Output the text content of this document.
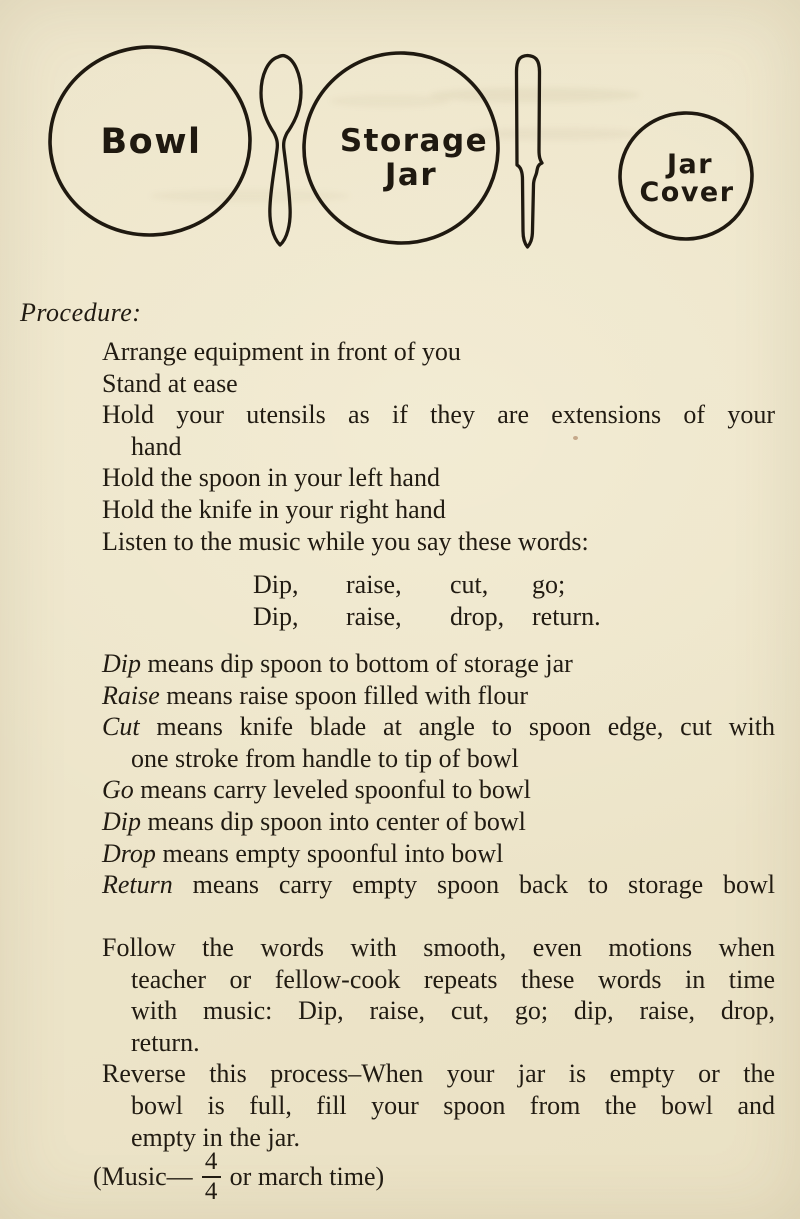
Bowl	Storage
Jar	Jar
Cover
Procedure:
Arrange equipment in front of you
Stand at ease
Hold your utensils as if they are extensions of your
hand
Hold the spoon in your left hand
Hold the knife in your right hand
Listen to the music while you say these words:
Dip,	raise,	cut,	go;
Dip,	raise,	drop,	return.
Dip means dip spoon to bottom of storage jar
Raise means raise spoon filled with flour
Cut means knife blade at angle to spoon edge, cut with
one stroke from handle to tip of bowl
Go means carry leveled spoonful to bowl
Dip means dip spoon into center of bowl
Drop means empty spoonful into bowl
Return means carry empty spoon back to storage bowl
Follow the words with smooth, even motions when
teacher or fellow-cook repeats these words in time
with music: Dip, raise, cut, go; dip, raise, drop,
return.
Reverse this process–When your jar is empty or the
bowl is full, fill your spoon from the bowl and
empty in the jar.
(Music— $\frac{4}{4}$ or march time)
